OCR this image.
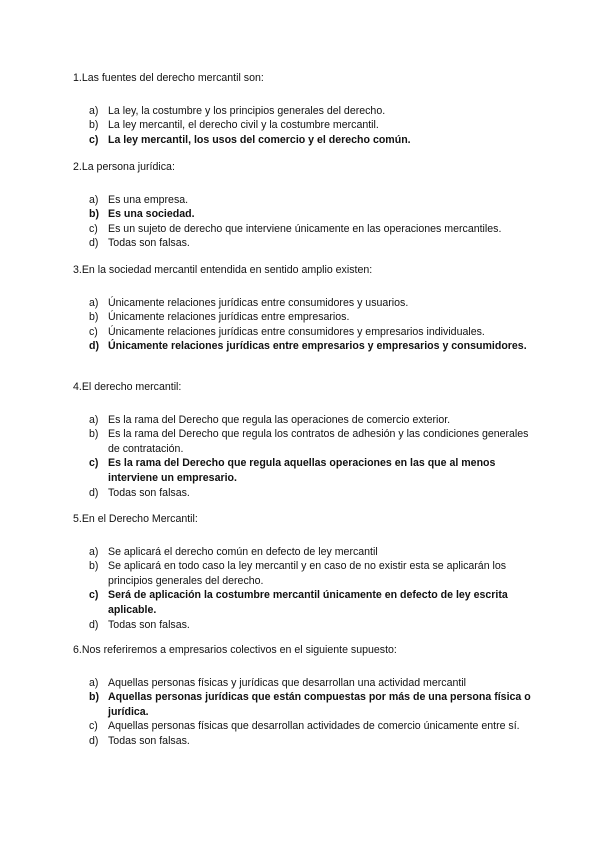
1.Las fuentes del derecho mercantil son:

a) La ley, la costumbre y los principios generales del derecho.
b) La ley mercantil, el derecho civil y la costumbre mercantil.
c) La ley mercantil, los usos del comercio y el derecho común.

2.La persona jurídica:

a) Es una empresa.
b) Es una sociedad.
c) Es un sujeto de derecho que interviene únicamente en las operaciones mercantiles.
d) Todas son falsas.

3.En la sociedad mercantil entendida en sentido amplio existen:

a) Únicamente relaciones jurídicas entre consumidores y usuarios.
b) Únicamente relaciones jurídicas entre empresarios.
c) Únicamente relaciones jurídicas entre consumidores y empresarios individuales.
d) Únicamente relaciones jurídicas entre empresarios y empresarios y consumidores.

4.El derecho mercantil:

a) Es la rama del Derecho que regula las operaciones de comercio exterior.
b) Es la rama del Derecho que regula los contratos de adhesión y las condiciones generales de contratación.
c) Es la rama del Derecho que regula aquellas operaciones en las que al menos interviene un empresario.
d) Todas son falsas.

5.En el Derecho Mercantil:

a) Se aplicará el derecho común en defecto de ley mercantil
b) Se aplicará en todo caso la ley mercantil y en caso de no existir esta se aplicarán los principios generales del derecho.
c) Será de aplicación la costumbre mercantil únicamente en defecto de ley escrita aplicable.
d) Todas son falsas.

6.Nos referiremos a empresarios colectivos en el siguiente supuesto:

a) Aquellas personas físicas y jurídicas que desarrollan una actividad mercantil
b) Aquellas personas jurídicas que están compuestas por más de una persona física o jurídica.
c) Aquellas personas físicas que desarrollan actividades de comercio únicamente entre sí.
d) Todas son falsas.
